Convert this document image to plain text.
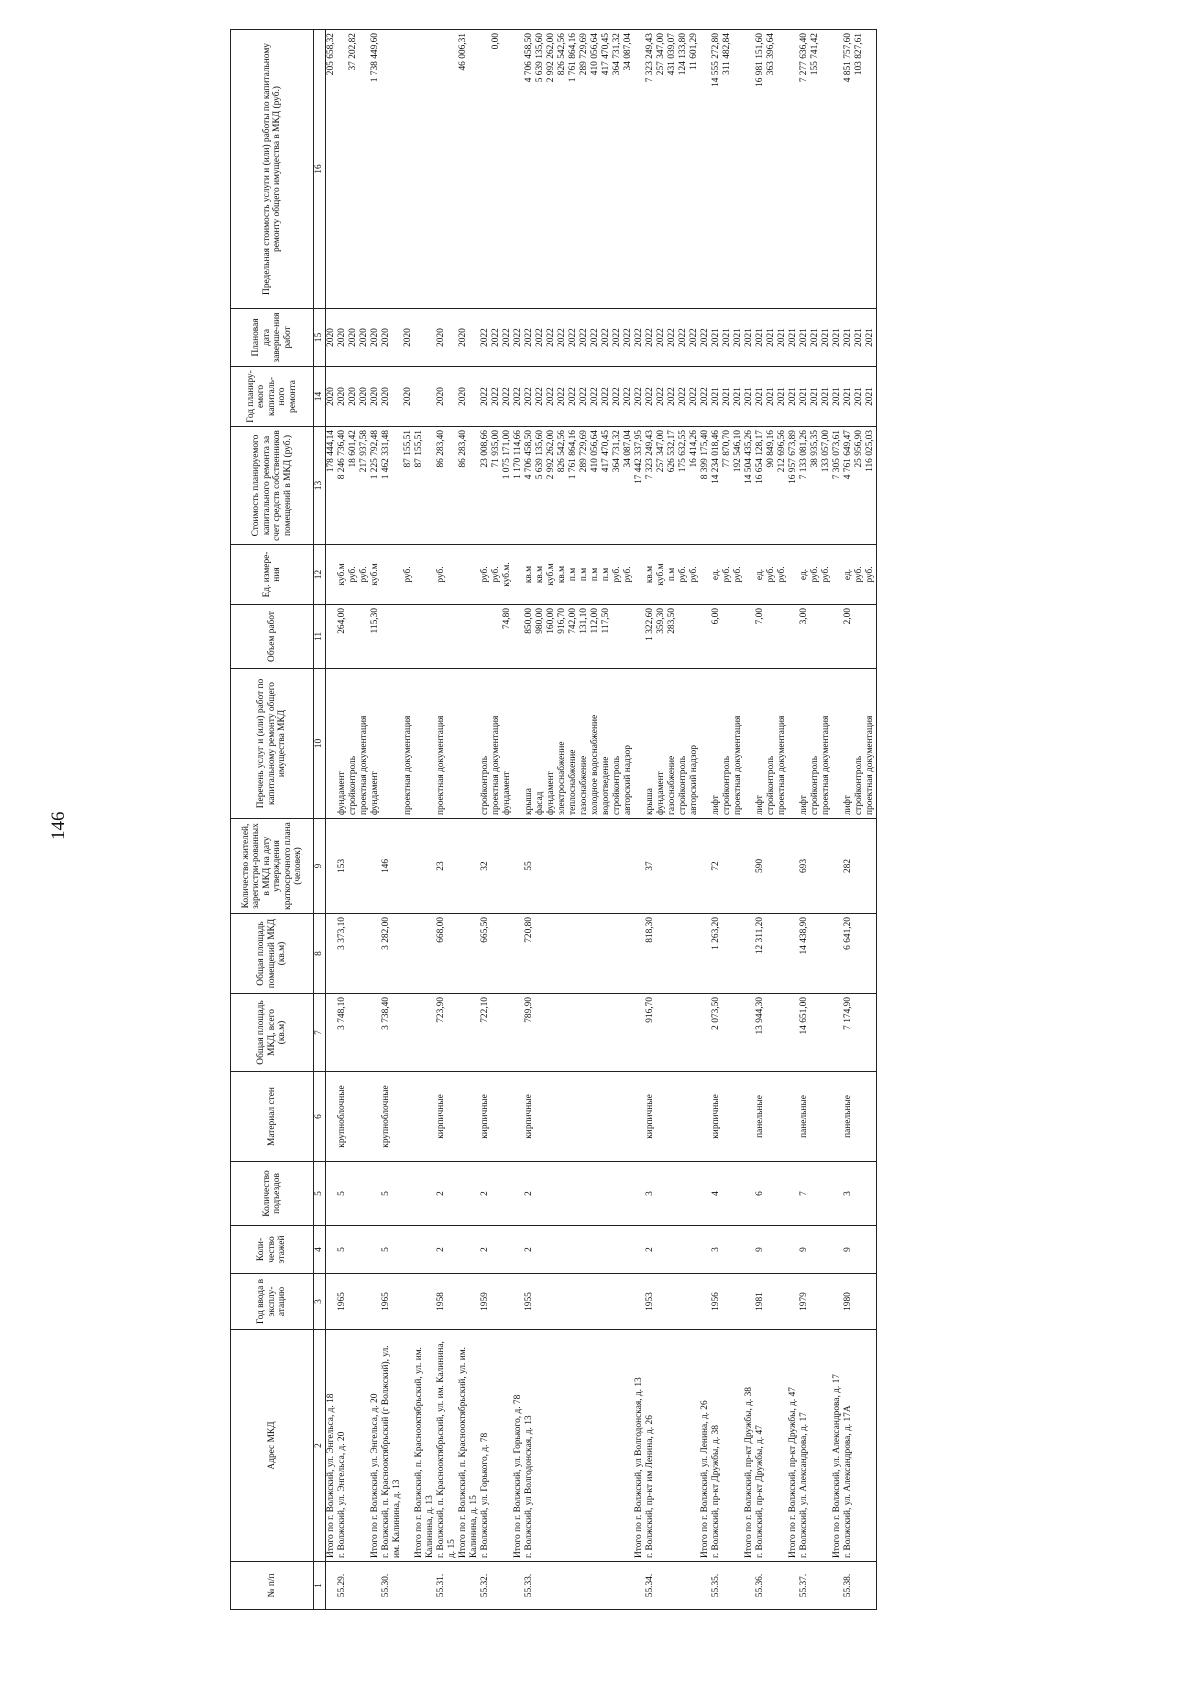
146
№ п/п	Адрес МКД	Год ввода в эксплу-атацию	Коли-чество этажей	Количество подъездов	Материал стен	Общая площадь МКД, всего (кв.м)	Общая площадь помещений МКД (кв.м)	Количество жителей, зарегистри-рованных в МКД на дату утверждения краткосрочного плана (человек)	Перечень услуг и (или) работ по капитальному ремонту общего имущества МКД	Объем работ	Ед. измере-ния	Стоимость планируемого капитального ремонта за счет средств собственников помещений в МКД (руб.)	Год планиру-емого капиталь-ного ремонта	Плановая дата заверше-ния работ	Предельная стоимость услуги и (или) работы по капитальному ремонту общего имущества в МКД (руб.)
1	2	3	4	5	6	7	8	9	10	11	12	13	14	15	16
	Итого по г. Волжский, ул. Энгельса, д. 18											178 444,14	2020	2020	205 658,32
55.29.	г. Волжский, ул. Энгельса, д. 20	1965	5	5	крупноблочные	3 748,10	3 373,10	153	фундамент	264,00	куб.м	8 246 736,40	2020	2020	
									стройконтроль		руб.	18 601,42	2020	2020	37 202,82
									проектная документация		руб.	217 937,58	2020	2020	
	Итого по г. Волжский, ул. Энгельса, д. 20								фундамент	115,30	куб.м	1 225 792,48	2020	2020	1 738 449,60
55.30.	г. Волжский, п. Краснооктябрьский (г Волжский), ул. им. Калинина, д. 13	1965	5	5	крупноблочные	3 738,40	3 282,00	146				1 462 331,48	2020	2020	
									проектная документация		руб.	87 155,51	2020	2020	
	Итого по г. Волжский, п. Краснооктябрьский, ул. им. Калинина, д. 13											87 155,51			
55.31.	г. Волжский, п. Краснооктябрьский, ул. им. Калинина, д. 15	1958	2	2	кирпичные	723,90	668,00	23	проектная документация		руб.	86 283,40	2020	2020	
	Итого по г. Волжский, п. Краснооктябрьский, ул. им. Калинина, д. 15											86 283,40	2020	2020	46 006,31
55.32.	г. Волжский, ул. Горького, д. 78	1959	2	2	кирпичные	722,10	665,50	32	стройконтроль		руб.	23 008,66	2022	2022	
									проектная документация		руб.	71 935,00	2022	2022	0,00
									фундамент	74,80	куб.м.	1 075 171,00	2022	2022	
	Итого по г. Волжский, ул. Горького, д. 78											1 170 114,66	2022	2022	
55.33.	г. Волжский, ул Волгодонская, д. 13	1955	2	2	кирпичные	789,90	720,80	55	крыша	850,00	кв.м	4 706 458,50	2022	2022	4 706 458,50
									фасад	980,00	кв.м	5 639 135,60	2022	2022	5 639 135,60
									фундамент	160,00	куб.м	2 992 262,00	2022	2022	2 992 262,00
									электроснабжение	916,70	кв.м	826 542,56	2022	2022	826 542,56
									теплоснабжение	742,00	п.м	1 761 864,16	2022	2022	1 761 864,16
									газоснабжение	131,10	п.м	289 729,69	2022	2022	289 729,69
									холодное водоснабжение	112,00	п.м	410 056,64	2022	2022	410 056,64
									водоотведение	117,50	п.м	417 470,45	2022	2022	417 470,45
									стройконтроль		руб.	364 731,32	2022	2022	364 731,32
									авторский надзор		руб.	34 087,04	2022	2022	34 087,04
	Итого по г. Волжский, ул Волгодонская, д. 13											17 442 337,95	2022	2022	
55.34.	г. Волжский, пр-кт им Ленина, д. 26	1953	2	3	кирпичные	916,70	818,30	37	крыша	1 322,60	кв.м	7 323 249,43	2022	2022	7 323 249,43
									фундамент	359,30	куб.м	257 347,00	2022	2022	257 347,00
									газоснабжение	283,50	п.м	626 532,17	2022	2022	431 039,07
									стройконтроль		руб.	175 632,55	2022	2022	124 133,80
									авторский надзор		руб.	16 414,26	2022	2022	11 601,29
	Итого по г. Волжский, ул. Ленина, д. 26											8 399 175,40	2022	2022	
55.35.	г. Волжский, пр-кт Дружбы, д. 38	1956	3	4	кирпичные	2 073,50	1 263,20	72	лифт	6,00	ед.	14 234 018,46	2021	2021	14 555 272,80
									стройконтроль		руб.	77 870,70	2021	2021	311 482,84
									проектная документация		руб.	192 546,10	2021	2021	
	Итого по г. Волжский, пр-кт Дружбы, д. 38											14 504 435,26	2021	2021	
55.36.	г. Волжский, пр-кт Дружбы, д. 47	1981	9	6	панельные	13 944,30	12 311,20	590	лифт	7,00	ед.	16 654 128,17	2021	2021	16 981 151,60
									стройконтроль		руб.	90 849,16	2021	2021	363 396,64
									проектная документация		руб.	212 696,56	2021	2021	
	Итого по г. Волжский, пр-кт Дружбы, д. 47											16 957 673,89	2021	2021	
55.37.	г. Волжский, ул. Александрова, д. 17	1979	9	7	панельные	14 651,00	14 438,90	693	лифт	3,00	ед.	7 133 081,26	2021	2021	7 277 636,40
									стройконтроль		руб.	38 935,35	2021	2021	155 741,42
									проектная документация		руб.	133 057,00	2021	2021	
	Итого по г. Волжский, ул. Александрова, д. 17											7 305 073,61	2021	2021	
55.38.	г. Волжский, ул. Александрова, д. 17А	1980	9	3	панельные	7 174,90	6 641,20	282	лифт	2,00	ед.	4 761 649,47	2021	2021	4 851 757,60
									стройконтроль		руб.	25 956,90	2021	2021	103 827,61
									проектная документация		руб.	116 025,03	2021	2021	
